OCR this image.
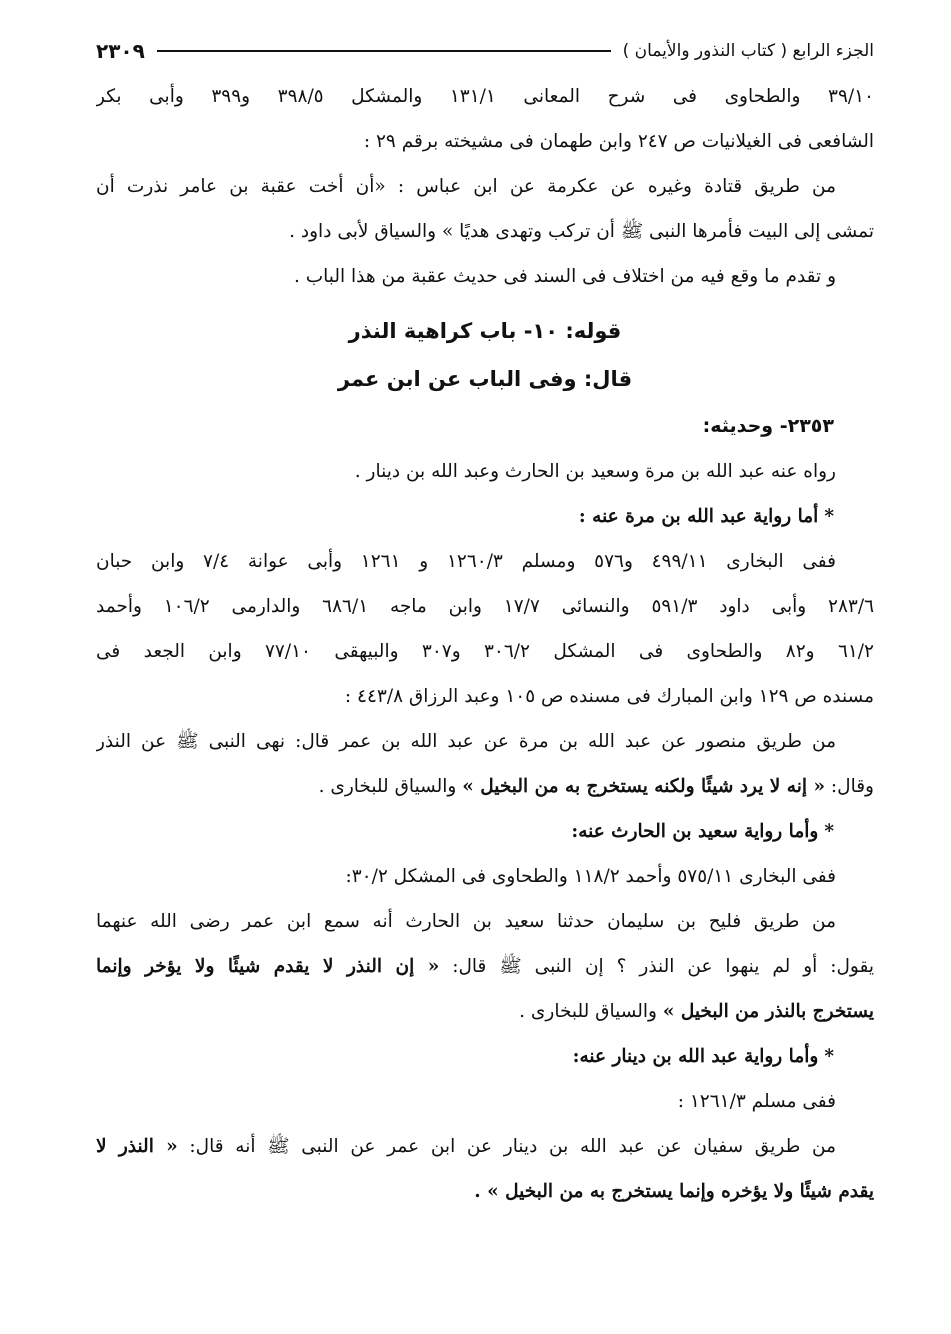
الجزء الرابع ( كتاب النذور والأيمان )
٢٣٠٩
٣٩/١٠ والطحاوى فى شرح المعانى ١٣١/١ والمشكل ٣٩٨/٥ و٣٩٩ وأبى بكر
الشافعى فى الغيلانيات ص ٢٤٧ وابن طهمان فى مشيخته برقم ٢٩ :
من طريق قتادة وغيره عن عكرمة عن ابن عباس : «أن أخت عقبة بن عامر نذرت أن
تمشى إلى البيت فأمرها النبى ﷺ أن تركب وتهدى هديًا » والسياق لأبى داود .
و تقدم ما وقع فيه من اختلاف فى السند فى حديث عقبة من هذا الباب .
قوله: ١٠- باب كراهية النذر
قال: وفى الباب عن ابن عمر
٢٣٥٣- وحديثه:
رواه عنه عبد الله بن مرة وسعيد بن الحارث وعبد الله بن دينار .
*أما رواية عبد الله بن مرة عنه :
ففى البخارى ٤٩٩/١١ و٥٧٦ ومسلم ١٢٦٠/٣ و ١٢٦١ وأبى عوانة ٧/٤ وابن حبان
٢٨٣/٦ وأبى داود ٥٩١/٣ والنسائى ١٧/٧ وابن ماجه ٦٨٦/١ والدارمى ١٠٦/٢ وأحمد
٦١/٢ و٨٢ والطحاوى فى المشكل ٣٠٦/٢ و٣٠٧ والبيهقى ٧٧/١٠ وابن الجعد فى
مسنده ص ١٢٩ وابن المبارك فى مسنده ص ١٠٥ وعبد الرزاق ٤٤٣/٨ :
من طريق منصور عن عبد الله بن مرة عن عبد الله بن عمر قال: نهى النبى ﷺ عن النذر
وقال: « إنه لا يرد شيئًا ولكنه يستخرج به من البخيل » والسياق للبخارى .
*وأما رواية سعيد بن الحارث عنه:
ففى البخارى ٥٧٥/١١ وأحمد ١١٨/٢ والطحاوى فى المشكل ٣٠/٢:
من طريق فليح بن سليمان حدثنا سعيد بن الحارث أنه سمع ابن عمر رضى الله عنهما
يقول: أو لم ينهوا عن النذر ؟ إن النبى ﷺ قال: « إن النذر لا يقدم شيئًا ولا يؤخر وإنما
يستخرج بالنذر من البخيل » والسياق للبخارى .
*وأما رواية عبد الله بن دينار عنه:
ففى مسلم ١٢٦١/٣ :
من طريق سفيان عن عبد الله بن دينار عن ابن عمر عن النبى ﷺ أنه قال: « النذر لا
يقدم شيئًا ولا يؤخره وإنما يستخرج به من البخيل » .
